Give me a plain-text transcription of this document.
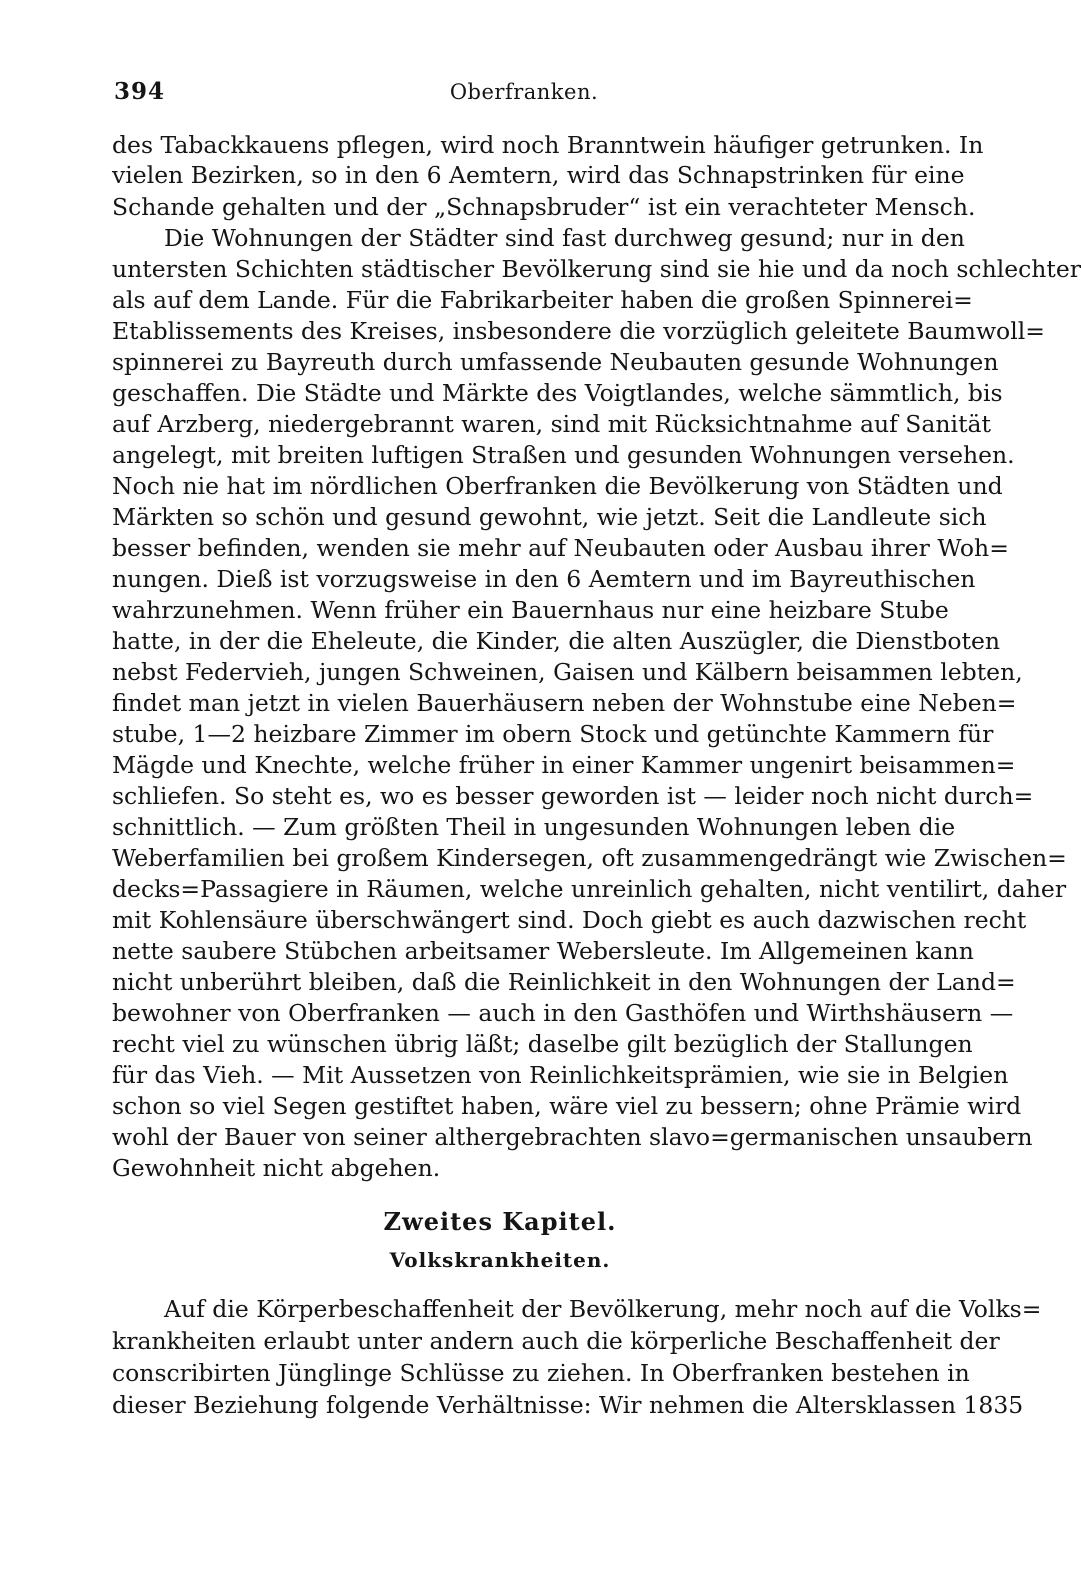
394	Oberfranken.
des Tabackkauens pflegen, wird noch Branntwein häufiger getrunken. In
vielen Bezirken, so in den 6 Aemtern, wird das Schnapstrinken für eine
Schande gehalten und der „Schnapsbruder“ ist ein verachteter Mensch.
Die Wohnungen der Städter sind fast durchweg gesund; nur in den
untersten Schichten städtischer Bevölkerung sind sie hie und da noch schlechter
als auf dem Lande. Für die Fabrikarbeiter haben die großen Spinnerei=
Etablissements des Kreises, insbesondere die vorzüglich geleitete Baumwoll=
spinnerei zu Bayreuth durch umfassende Neubauten gesunde Wohnungen
geschaffen. Die Städte und Märkte des Voigtlandes, welche sämmtlich, bis
auf Arzberg, niedergebrannt waren, sind mit Rücksichtnahme auf Sanität
angelegt, mit breiten luftigen Straßen und gesunden Wohnungen versehen.
Noch nie hat im nördlichen Oberfranken die Bevölkerung von Städten und
Märkten so schön und gesund gewohnt, wie jetzt. Seit die Landleute sich
besser befinden, wenden sie mehr auf Neubauten oder Ausbau ihrer Woh=
nungen. Dieß ist vorzugsweise in den 6 Aemtern und im Bayreuthischen
wahrzunehmen. Wenn früher ein Bauernhaus nur eine heizbare Stube
hatte, in der die Eheleute, die Kinder, die alten Auszügler, die Dienstboten
nebst Federvieh, jungen Schweinen, Gaisen und Kälbern beisammen lebten,
findet man jetzt in vielen Bauerhäusern neben der Wohnstube eine Neben=
stube, 1—2 heizbare Zimmer im obern Stock und getünchte Kammern für
Mägde und Knechte, welche früher in einer Kammer ungenirt beisammen=
schliefen. So steht es, wo es besser geworden ist — leider noch nicht durch=
schnittlich. — Zum größten Theil in ungesunden Wohnungen leben die
Weberfamilien bei großem Kindersegen, oft zusammengedrängt wie Zwischen=
decks=Passagiere in Räumen, welche unreinlich gehalten, nicht ventilirt, daher
mit Kohlensäure überschwängert sind. Doch giebt es auch dazwischen recht
nette saubere Stübchen arbeitsamer Webersleute. Im Allgemeinen kann
nicht unberührt bleiben, daß die Reinlichkeit in den Wohnungen der Land=
bewohner von Oberfranken — auch in den Gasthöfen und Wirthshäusern —
recht viel zu wünschen übrig läßt; daselbe gilt bezüglich der Stallungen
für das Vieh. — Mit Aussetzen von Reinlichkeitsprämien, wie sie in Belgien
schon so viel Segen gestiftet haben, wäre viel zu bessern; ohne Prämie wird
wohl der Bauer von seiner althergebrachten slavo=germanischen unsaubern
Gewohnheit nicht abgehen.
Zweites Kapitel.
Volkskrankheiten.
Auf die Körperbeschaffenheit der Bevölkerung, mehr noch auf die Volks=
krankheiten erlaubt unter andern auch die körperliche Beschaffenheit der
conscribirten Jünglinge Schlüsse zu ziehen. In Oberfranken bestehen in
dieser Beziehung folgende Verhältnisse: Wir nehmen die Altersklassen 1835
